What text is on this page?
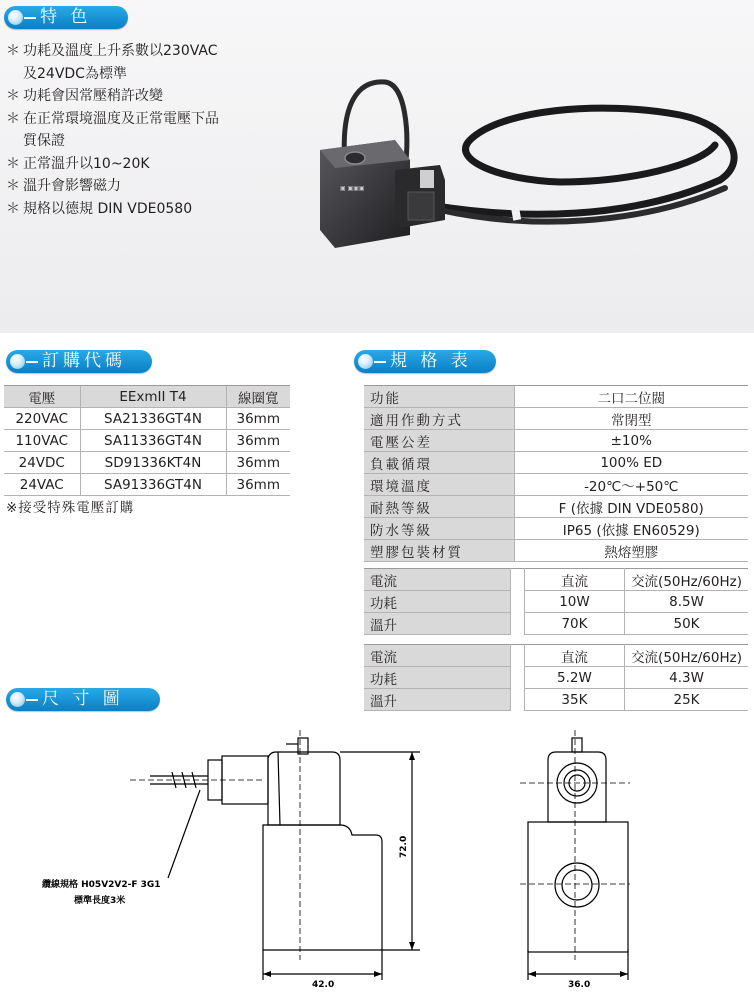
特 色
＊ 功耗及溫度上升系數以230VAC
及24VDC為標準
＊ 功耗會因常壓稍許改變
＊ 在正常環境溫度及正常電壓下品
質保證
＊ 正常溫升以10~20K
＊ 溫升會影響磁力
＊ 規格以德規 DIN VDE0580
▣ ▣▣▣
訂購代碼
電壓	EExmII T4	線圈寬
220VAC	SA21336GT4N	36mm
110VAC	SA11336GT4N	36mm
24VDC	SD91336KT4N	36mm
24VAC	SA91336GT4N	36mm
※接受特殊電壓訂購
規 格 表
功能	二口二位閥
適用作動方式	常閉型
電壓公差	±10%
負載循環	100% ED
環境溫度	-20℃～+50℃
耐熱等級	F (依據 DIN VDE0580)
防水等級	IP65 (依據 EN60529)
塑膠包裝材質	熱熔塑膠
電流		直流	交流(50Hz/60Hz)
功耗		10W	8.5W
溫升		70K	50K
電流		直流	交流(50Hz/60Hz)
功耗		5.2W	4.3W
溫升		35K	25K
尺 寸 圖
72.0
42.0	36.0
纜線規格 H05V2V2-F 3G1
標準長度3米
